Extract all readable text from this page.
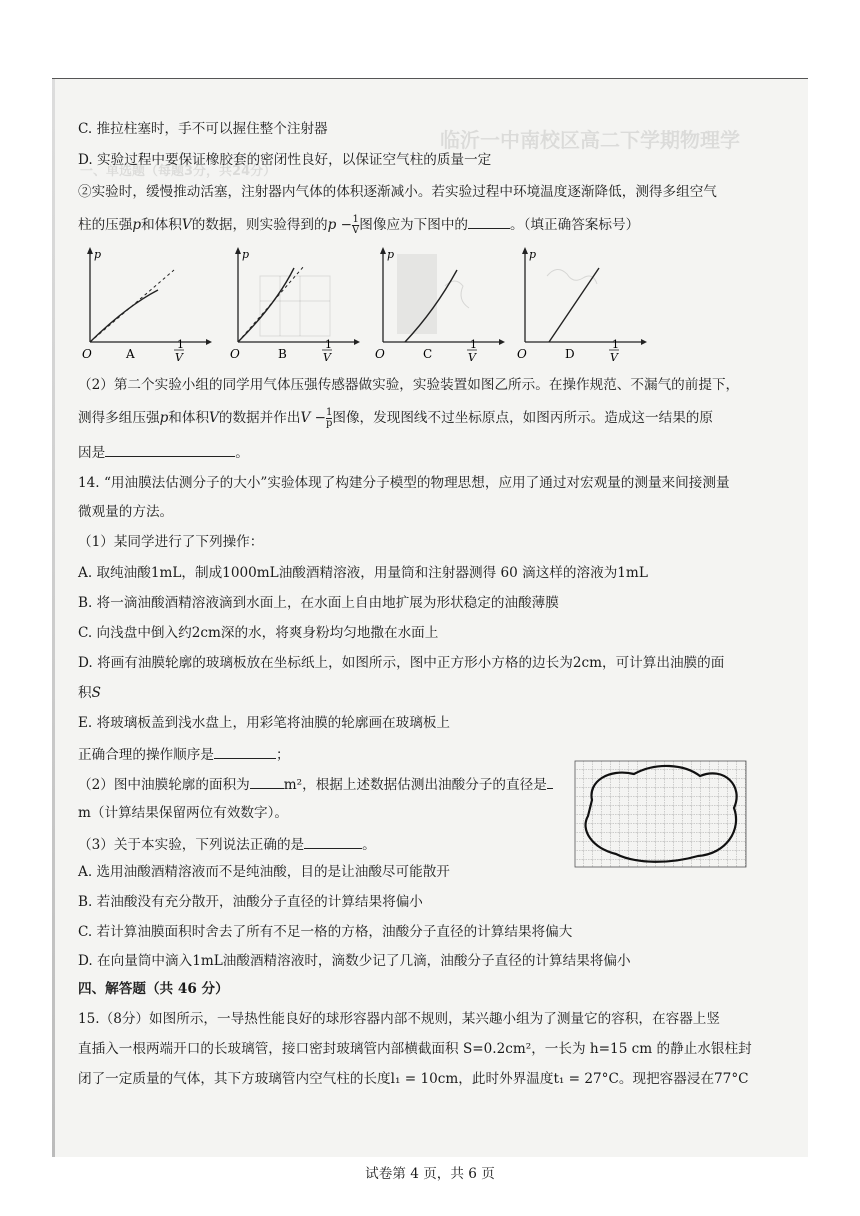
临沂一中南校区高二下学期物理学
一、单选题（每题3分，共24分）
C. 推拉柱塞时，手不可以握住整个注射器
D. 实验过程中要保证橡胶套的密闭性良好，以保证空气柱的质量一定
②实验时，缓慢推动活塞，注射器内气体的体积逐渐减小。若实验过程中环境温度逐渐降低，测得多组空气
柱的压强p和体积V的数据，则实验得到的$p - \frac{1}{V}$ 图像应为下图中的	。（填正确答案标号）
p
O	A
1
V
p
O	B
1
V
p
O	C
1
V
p
O	D
1
V
（2）第二个实验小组的同学用气体压强传感器做实验，实验装置如图乙所示。在操作规范、不漏气的前提下，
测得多组压强p和体积V的数据并作出$V - \frac{1}{p}$ 图像，发现图线不过坐标原点，如图丙所示。造成这一结果的原
因是	。
14. “用油膜法估测分子的大小”实验体现了构建分子模型的物理思想，应用了通过对宏观量的测量来间接测量
微观量的方法。
（1）某同学进行了下列操作：
A. 取纯油酸1mL，制成1000mL油酸酒精溶液，用量筒和注射器测得 60 滴这样的溶液为1mL
B. 将一滴油酸酒精溶液滴到水面上，在水面上自由地扩展为形状稳定的油酸薄膜
C. 向浅盘中倒入约2cm深的水，将爽身粉均匀地撒在水面上
D. 将画有油膜轮廓的玻璃板放在坐标纸上，如图所示，图中正方形小方格的边长为2cm，可计算出油膜的面
积S
E. 将玻璃板盖到浅水盘上，用彩笔将油膜的轮廓画在玻璃板上
正确合理的操作顺序是	；
（2）图中油膜轮廓的面积为	m²，根据上述数据估测出油酸分子的直径是
m（计算结果保留两位有效数字）。
（3）关于本实验，下列说法正确的是	。
A. 选用油酸酒精溶液而不是纯油酸，目的是让油酸尽可能散开
B. 若油酸没有充分散开，油酸分子直径的计算结果将偏小
C. 若计算油膜面积时舍去了所有不足一格的方格，油酸分子直径的计算结果将偏大
D. 在向量筒中滴入1mL油酸酒精溶液时，滴数少记了几滴，油酸分子直径的计算结果将偏小
四、解答题（共 46 分）
15.（8分）如图所示，一导热性能良好的球形容器内部不规则，某兴趣小组为了测量它的容积，在容器上竖
直插入一根两端开口的长玻璃管，接口密封玻璃管内部横截面积 S=0.2cm²，一长为 h=15 cm 的静止水银柱封
闭了一定质量的气体，其下方玻璃管内空气柱的长度l₁ = 10cm，此时外界温度t₁ = 27°C。现把容器浸在77°C
试卷第 4 页，共 6 页
